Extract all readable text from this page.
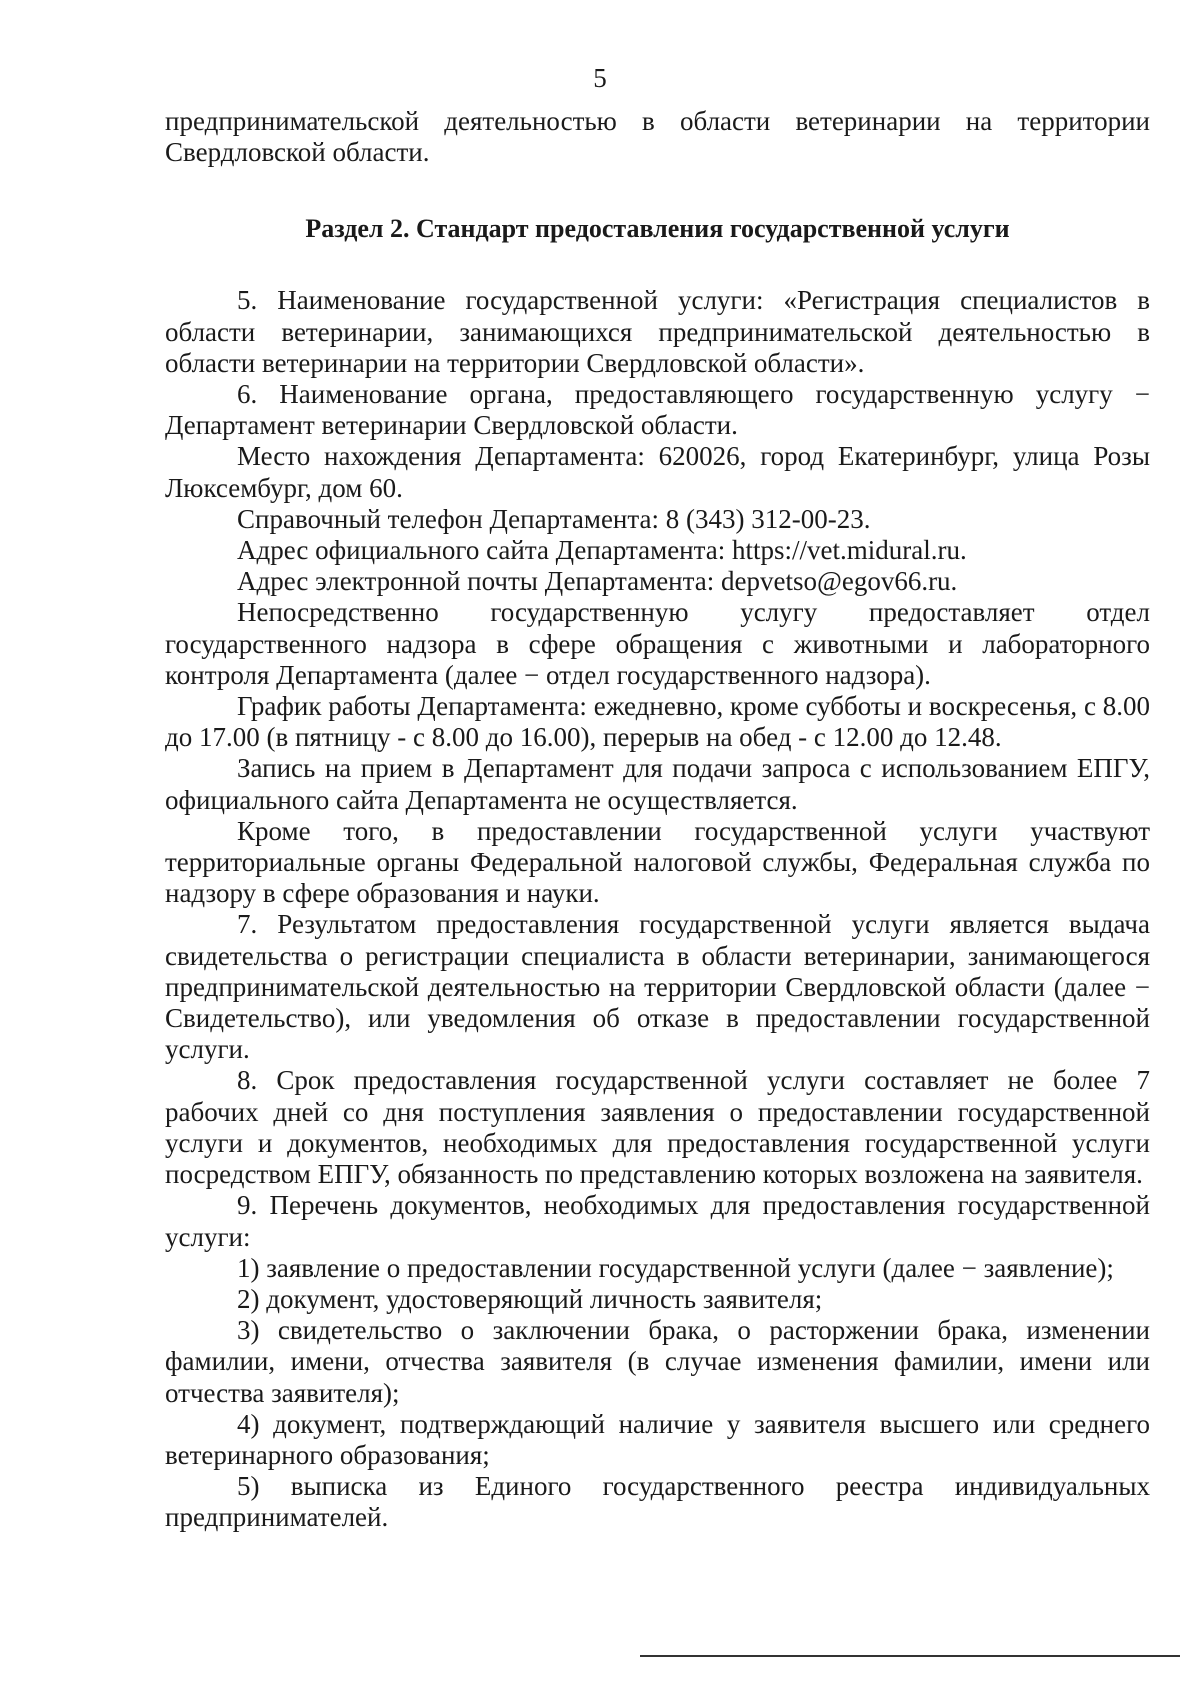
5

предпринимательской деятельностью в области ветеринарии на территории Свердловской области.

Раздел 2. Стандарт предоставления государственной услуги

5. Наименование государственной услуги: «Регистрация специалистов в области ветеринарии, занимающихся предпринимательской деятельностью в области ветеринарии на территории Свердловской области».

6. Наименование органа, предоставляющего государственную услугу − Департамент ветеринарии Свердловской области.

Место нахождения Департамента: 620026, город Екатеринбург, улица Розы Люксембург, дом 60.

Справочный телефон Департамента: 8 (343) 312-00-23.

Адрес официального сайта Департамента: https://vet.midural.ru.

Адрес электронной почты Департамента: depvetso@egov66.ru.

Непосредственно государственную услугу предоставляет отдел государственного надзора в сфере обращения с животными и лабораторного контроля Департамента (далее − отдел государственного надзора).

График работы Департамента: ежедневно, кроме субботы и воскресенья, с 8.00 до 17.00 (в пятницу - с 8.00 до 16.00), перерыв на обед - с 12.00 до 12.48.

Запись на прием в Департамент для подачи запроса с использованием ЕПГУ, официального сайта Департамента не осуществляется.

Кроме того, в предоставлении государственной услуги участвуют территориальные органы Федеральной налоговой службы, Федеральная служба по надзору в сфере образования и науки.

7. Результатом предоставления государственной услуги является выдача свидетельства о регистрации специалиста в области ветеринарии, занимающегося предпринимательской деятельностью на территории Свердловской области (далее − Свидетельство), или уведомления об отказе в предоставлении государственной услуги.

8. Срок предоставления государственной услуги составляет не более 7 рабочих дней со дня поступления заявления о предоставлении государственной услуги и документов, необходимых для предоставления государственной услуги посредством ЕПГУ, обязанность по представлению которых возложена на заявителя.

9. Перечень документов, необходимых для предоставления государственной услуги:

1) заявление о предоставлении государственной услуги (далее − заявление);

2) документ, удостоверяющий личность заявителя;

3) свидетельство о заключении брака, о расторжении брака, изменении фамилии, имени, отчества заявителя (в случае изменения фамилии, имени или отчества заявителя);

4) документ, подтверждающий наличие у заявителя высшего или среднего ветеринарного образования;

5) выписка из Единого государственного реестра индивидуальных предпринимателей.
